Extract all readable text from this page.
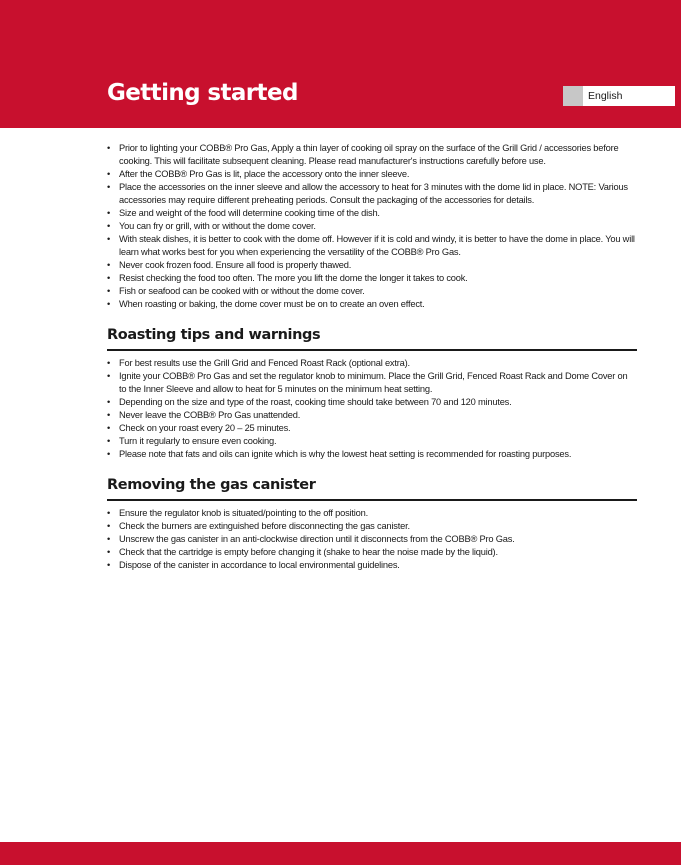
Getting started	English
• Prior to lighting your COBB® Pro Gas, Apply a thin layer of cooking oil spray on the surface of the Grill Grid / accessories before cooking. This will facilitate subsequent cleaning. Please read manufacturer's instructions carefully before use.
• After the COBB® Pro Gas is lit, place the accessory onto the inner sleeve.
• Place the accessories on the inner sleeve and allow the accessory to heat for 3 minutes with the dome lid in place. NOTE: Various accessories may require different preheating periods. Consult the packaging of the accessories for details.
• Size and weight of the food will determine cooking time of the dish.
• You can fry or grill, with or without the dome cover.
• With steak dishes, it is better to cook with the dome off. However if it is cold and windy, it is better to have the dome in place. You will learn what works best for you when experiencing the versatility of the COBB® Pro Gas.
• Never cook frozen food. Ensure all food is properly thawed.
• Resist checking the food too often. The more you lift the dome the longer it takes to cook.
• Fish or seafood can be cooked with or without the dome cover.
• When roasting or baking, the dome cover must be on to create an oven effect.
Roasting tips and warnings
• For best results use the Grill Grid and Fenced Roast Rack (optional extra).
• Ignite your COBB® Pro Gas and set the regulator knob to minimum. Place the Grill Grid, Fenced Roast Rack and Dome Cover on to the Inner Sleeve and allow to heat for 5 minutes on the minimum heat setting.
• Depending on the size and type of the roast, cooking time should take between 70 and 120 minutes.
• Never leave the COBB® Pro Gas unattended.
• Check on your roast every 20 – 25 minutes.
• Turn it regularly to ensure even cooking.
• Please note that fats and oils can ignite which is why the lowest heat setting is recommended for roasting purposes.
Removing the gas canister
• Ensure the regulator knob is situated/pointing to the off position.
• Check the burners are extinguished before disconnecting the gas canister.
• Unscrew the gas canister in an anti-clockwise direction until it disconnects from the COBB® Pro Gas.
• Check that the cartridge is empty before changing it (shake to hear the noise made by the liquid).
• Dispose of the canister in accordance to local environmental guidelines.
